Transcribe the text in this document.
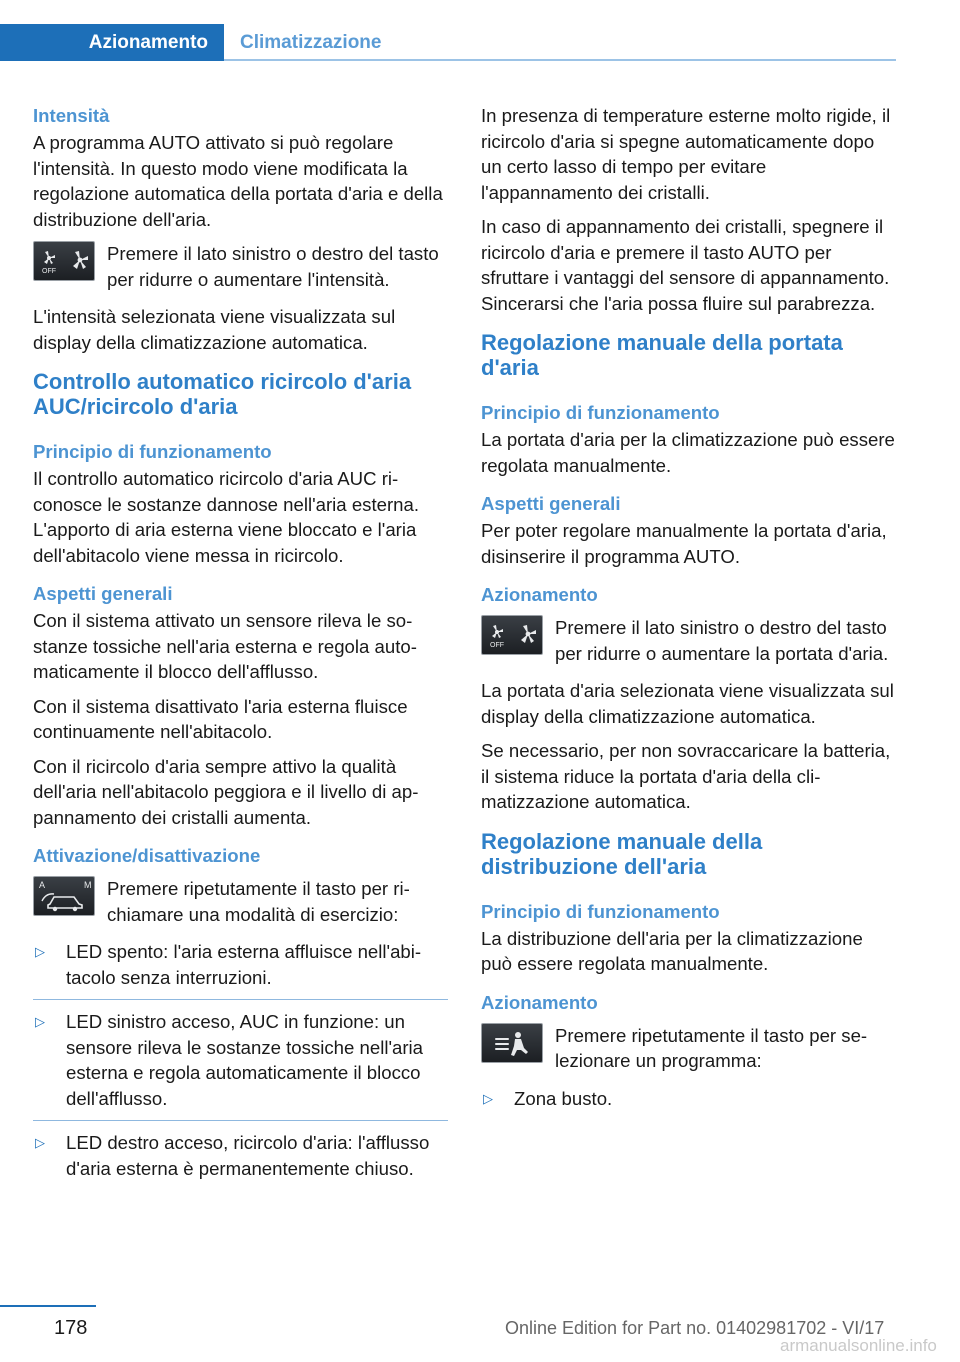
Azionamento	Climatizzazione
Intensità

A programma AUTO attivato si può regolare l'intensità. In questo modo viene modificata la regolazione automatica della portata d'aria e della distribuzione dell'aria.

OFF
Premere il lato sinistro o destro del tasto per ridurre o aumentare l'intensità.

L'intensità selezionata viene visualizzata sul display della climatizzazione automatica.

Controllo automatico ricircolo d'aria AUC/ricircolo d'aria
Principio di funzionamento

Il controllo automatico ricircolo d'aria AUC riconosce le sostanze dannose nell'aria esterna. L'apporto di aria esterna viene bloccato e l'aria dell'abitacolo viene messa in ricircolo.

Aspetti generali

Con il sistema attivato un sensore rileva le sostanze tossiche nell'aria esterna e regola automaticamente il blocco dell'afflusso.

Con il sistema disattivato l'aria esterna fluisce continuamente nell'abitacolo.

Con il ricircolo d'aria sempre attivo la qualità dell'aria nell'abitacolo peggiora e il livello di appannamento dei cristalli aumenta.

Attivazione/disattivazione
A	M Premere ripetutamente il tasto per richiamare una modalità di esercizio:
▷ LED spento: l'aria esterna affluisce nell'abitacolo senza interruzioni.
▷ LED sinistro acceso, AUC in funzione: un sensore rileva le sostanze tossiche nell'aria esterna e regola automaticamente il blocco dell'afflusso.
▷ LED destro acceso, ricircolo d'aria: l'afflusso d'aria esterna è permanentemente chiuso.

In presenza di temperature esterne molto rigide, il ricircolo d'aria si spegne automaticamente dopo un certo lasso di tempo per evitare l'appannamento dei cristalli.

In caso di appannamento dei cristalli, spegnere il ricircolo d'aria e premere il tasto AUTO per sfruttare i vantaggi del sensore di appannamento. Sincerarsi che l'aria possa fluire sul parabrezza.

Regolazione manuale della portata d'aria
Principio di funzionamento

La portata d'aria per la climatizzazione può essere regolata manualmente.

Aspetti generali

Per poter regolare manualmente la portata d'aria, disinserire il programma AUTO.

Azionamento
OFF
Premere il lato sinistro o destro del tasto per ridurre o aumentare la portata d'aria.

La portata d'aria selezionata viene visualizzata sul display della climatizzazione automatica.

Se necessario, per non sovraccaricare la batteria, il sistema riduce la portata d'aria della climatizzazione automatica.

Regolazione manuale della distribuzione dell'aria
Principio di funzionamento

La distribuzione dell'aria per la climatizzazione può essere regolata manualmente.

Azionamento
Premere ripetutamente il tasto per selezionare un programma:
▷ Zona busto.
178	Online Edition for Part no. 01402981702 - VI/17
armanualsonline.info
